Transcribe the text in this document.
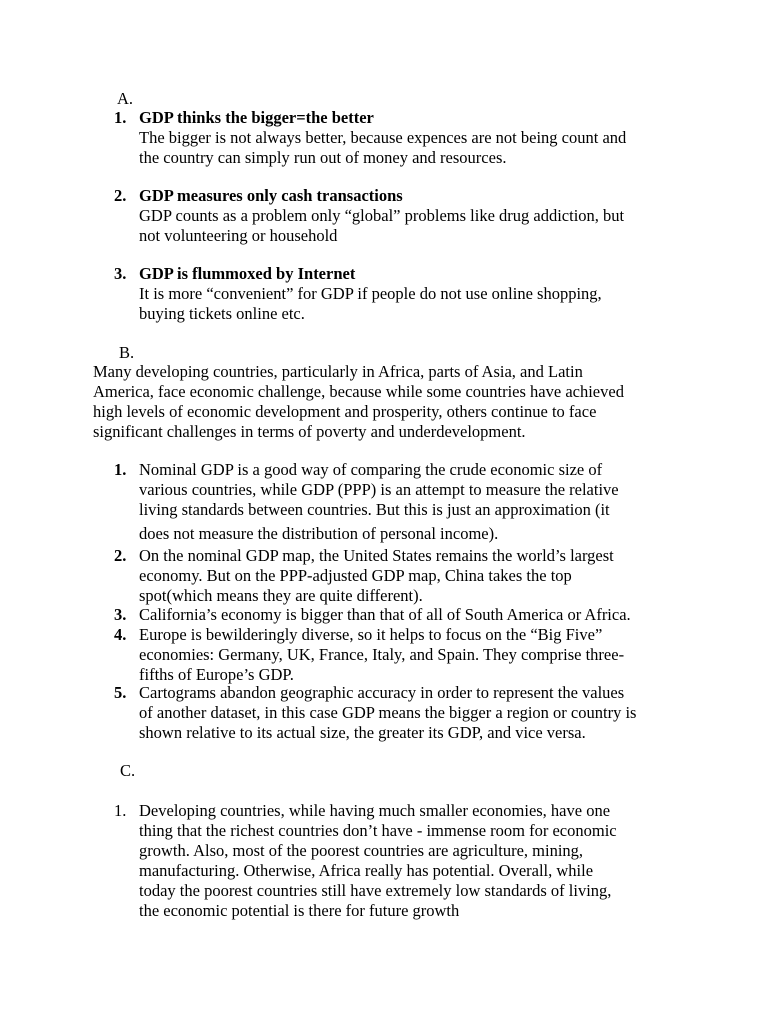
A.
1. GDP thinks the bigger=the better
The bigger is not always better, because expences are not being count and
the country can simply run out of money and resources.
2. GDP measures only cash transactions
GDP counts as a problem only “global” problems like drug addiction, but
not volunteering or household
3. GDP is flummoxed by Internet
It is more “convenient” for GDP if people do not use online shopping,
buying tickets online etc.
B.
Many developing countries, particularly in Africa, parts of Asia, and Latin
America, face economic challenge, because while some countries have achieved
high levels of economic development and prosperity, others continue to face
significant challenges in terms of poverty and underdevelopment.
1. Nominal GDP is a good way of comparing the crude economic size of
various countries, while GDP (PPP) is an attempt to measure the relative
living standards between countries. But this is just an approximation (it
does not measure the distribution of personal income).
2. On the nominal GDP map, the United States remains the world’s largest
economy. But on the PPP-adjusted GDP map, China takes the top
spot(which means they are quite different).
3. California’s economy is bigger than that of all of South America or Africa.
4. Europe is bewilderingly diverse, so it helps to focus on the “Big Five”
economies: Germany, UK, France, Italy, and Spain. They comprise three-
fifths of Europe’s GDP.
5. Cartograms abandon geographic accuracy in order to represent the values
of another dataset, in this case GDP means the bigger a region or country is
shown relative to its actual size, the greater its GDP, and vice versa.
C.
1. Developing countries, while having much smaller economies, have one
thing that the richest countries don’t have - immense room for economic
growth. Also, most of the poorest countries are agriculture, mining,
manufacturing. Otherwise, Africa really has potential. Overall, while
today the poorest countries still have extremely low standards of living,
the economic potential is there for future growth
